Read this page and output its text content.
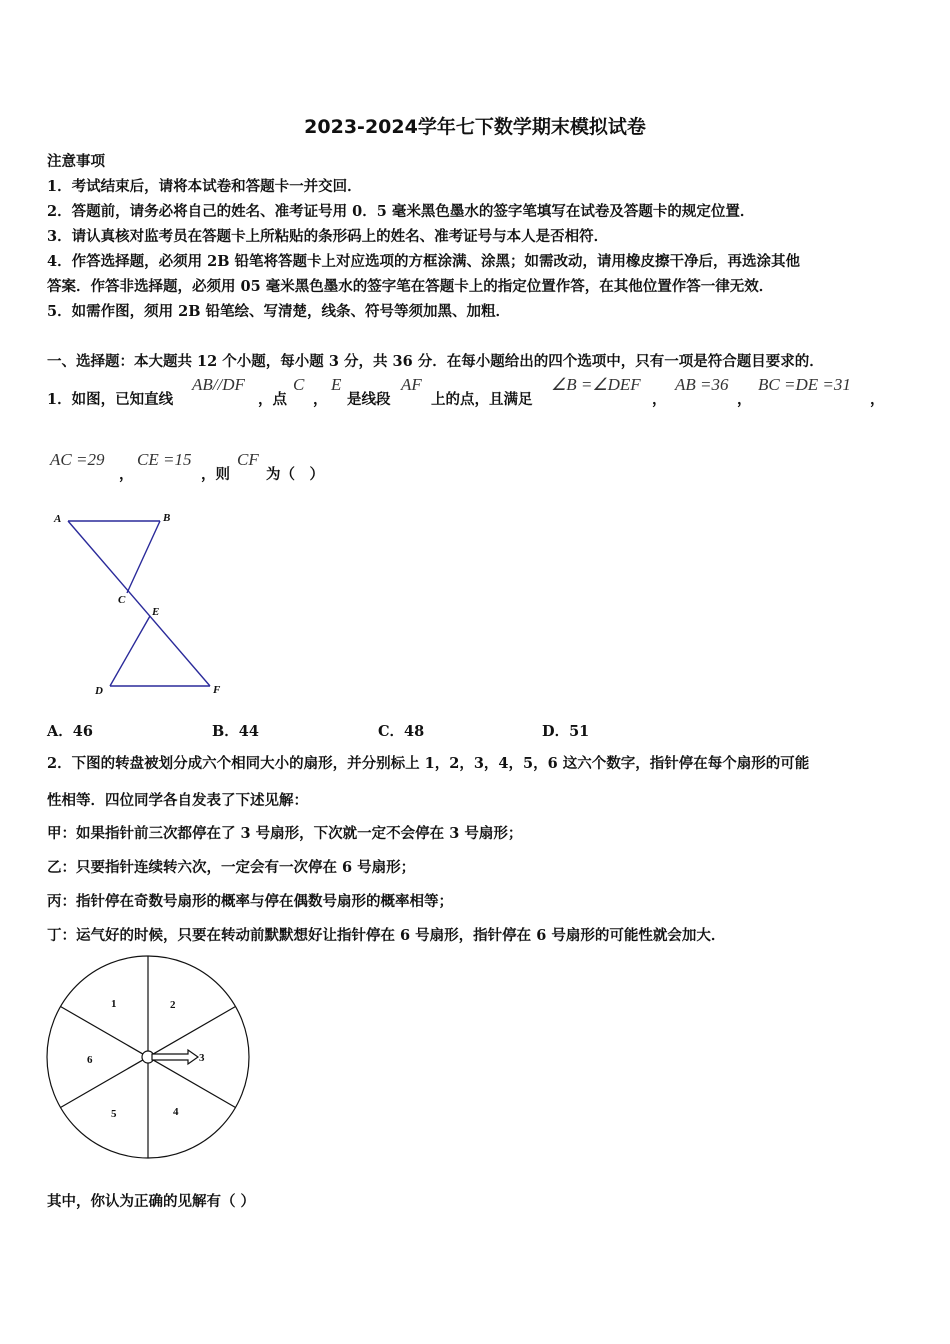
2023-2024学年七下数学期末模拟试卷
注意事项
1．考试结束后，请将本试卷和答题卡一并交回．
2．答题前，请务必将自己的姓名、准考证号用 0．5 毫米黑色墨水的签字笔填写在试卷及答题卡的规定位置．
3．请认真核对监考员在答题卡上所粘贴的条形码上的姓名、准考证号与本人是否相符．
4．作答选择题，必须用 2B 铅笔将答题卡上对应选项的方框涂满、涂黑；如需改动，请用橡皮擦干净后，再选涂其他
答案．作答非选择题，必须用 05 毫米黑色墨水的签字笔在答题卡上的指定位置作答，在其他位置作答一律无效．
5．如需作图，须用 2B 铅笔绘、写清楚，线条、符号等须加黑、加粗．
一、选择题：本大题共 12 个小题，每小题 3 分，共 36 分．在每小题给出的四个选项中，只有一项是符合题目要求的．
1．如图，已知直线
AB//DF
，点
C
，
E
是线段
AF
上的点，且满足
∠B =∠DEF
，
AB =36
，
BC =DE =31
，
AC =29
，
CE =15
，则
CF
为（　）
A	B
C
E
D	F
A．46	B．44	C．48	D．51
2．下图的转盘被划分成六个相同大小的扇形，并分别标上 1，2，3，4，5，6 这六个数字，指针停在每个扇形的可能
性相等．四位同学各自发表了下述见解：
甲：如果指针前三次都停在了 3 号扇形，下次就一定不会停在 3 号扇形；
乙：只要指针连续转六次，一定会有一次停在 6 号扇形；
丙：指针停在奇数号扇形的概率与停在偶数号扇形的概率相等；
丁：运气好的时候，只要在转动前默默想好让指针停在 6 号扇形，指针停在 6 号扇形的可能性就会加大．
1	2
3
4
5
6
其中，你认为正确的见解有（ ）
